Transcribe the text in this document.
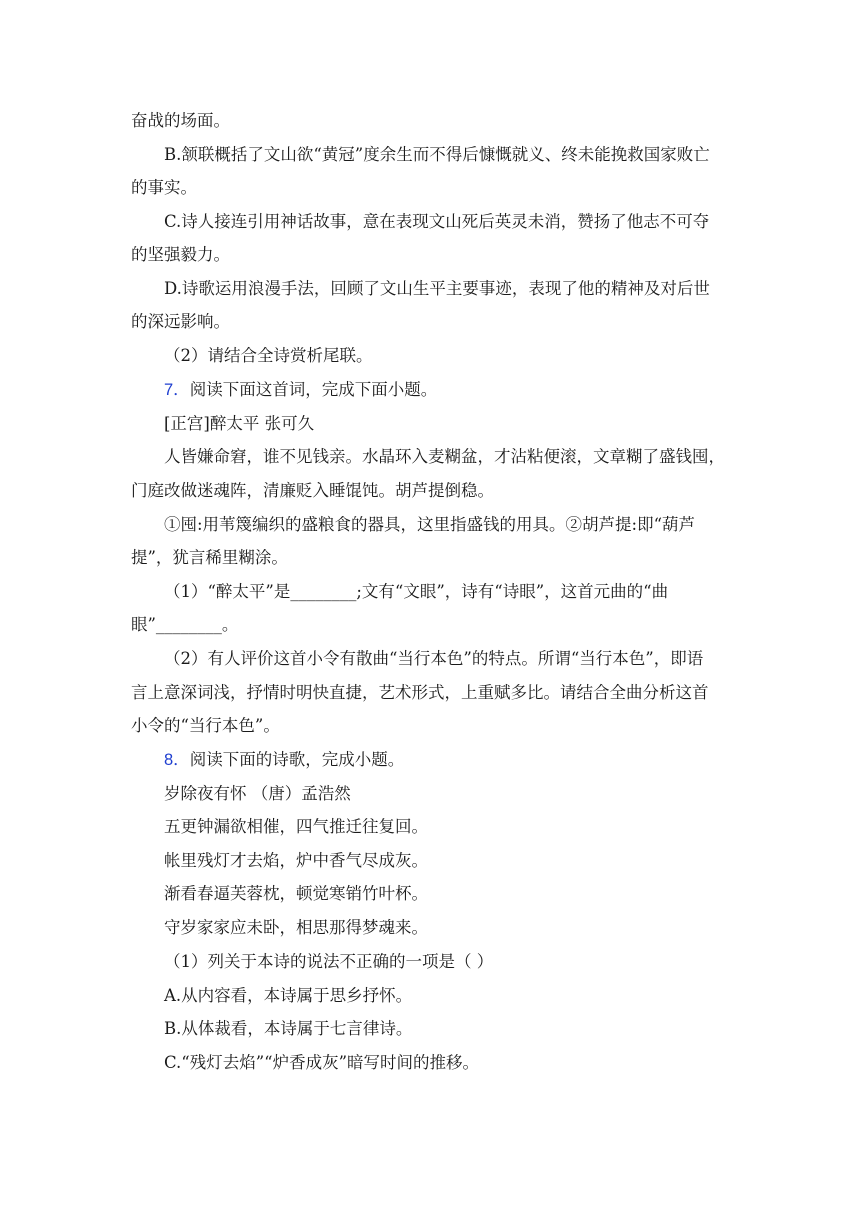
奋战的场面。
B.颔联概括了文山欲“黄冠”度余生而不得后慷慨就义、终未能挽救国家败亡
的事实。
C.诗人接连引用神话故事，意在表现文山死后英灵未消，赞扬了他志不可夺
的坚强毅力。
D.诗歌运用浪漫手法，回顾了文山生平主要事迹，表现了他的精神及对后世
的深远影响。
（2）请结合全诗赏析尾联。
7．阅读下面这首词，完成下面小题。
[正宫]醉太平 张可久
人皆嫌命窘，谁不见钱亲。水晶环入麦糊盆，才沾粘便滚，文章糊了盛钱囤，
门庭改做迷魂阵，清廉贬入睡馄饨。胡芦提倒稳。
①囤:用苇篾编织的盛粮食的器具，这里指盛钱的用具。②胡芦提:即“葫芦
提”，犹言稀里糊涂。
（1）“醉太平”是________;文有“文眼”，诗有“诗眼”，这首元曲的“曲
眼”________。
（2）有人评价这首小令有散曲“当行本色”的特点。所谓“当行本色”，即语
言上意深词浅，抒情时明快直捷，艺术形式，上重赋多比。请结合全曲分析这首
小令的“当行本色”。
8．阅读下面的诗歌，完成小题。
岁除夜有怀 （唐）孟浩然
五更钟漏欲相催，四气推迁往复回。
帐里残灯才去焰，炉中香气尽成灰。
渐看春逼芙蓉枕，顿觉寒销竹叶杯。
守岁家家应未卧，相思那得梦魂来。
（1）列关于本诗的说法不正确的一项是（ ）
A.从内容看，本诗属于思乡抒怀。
B.从体裁看，本诗属于七言律诗。
C.“残灯去焰”“炉香成灰”暗写时间的推移。
